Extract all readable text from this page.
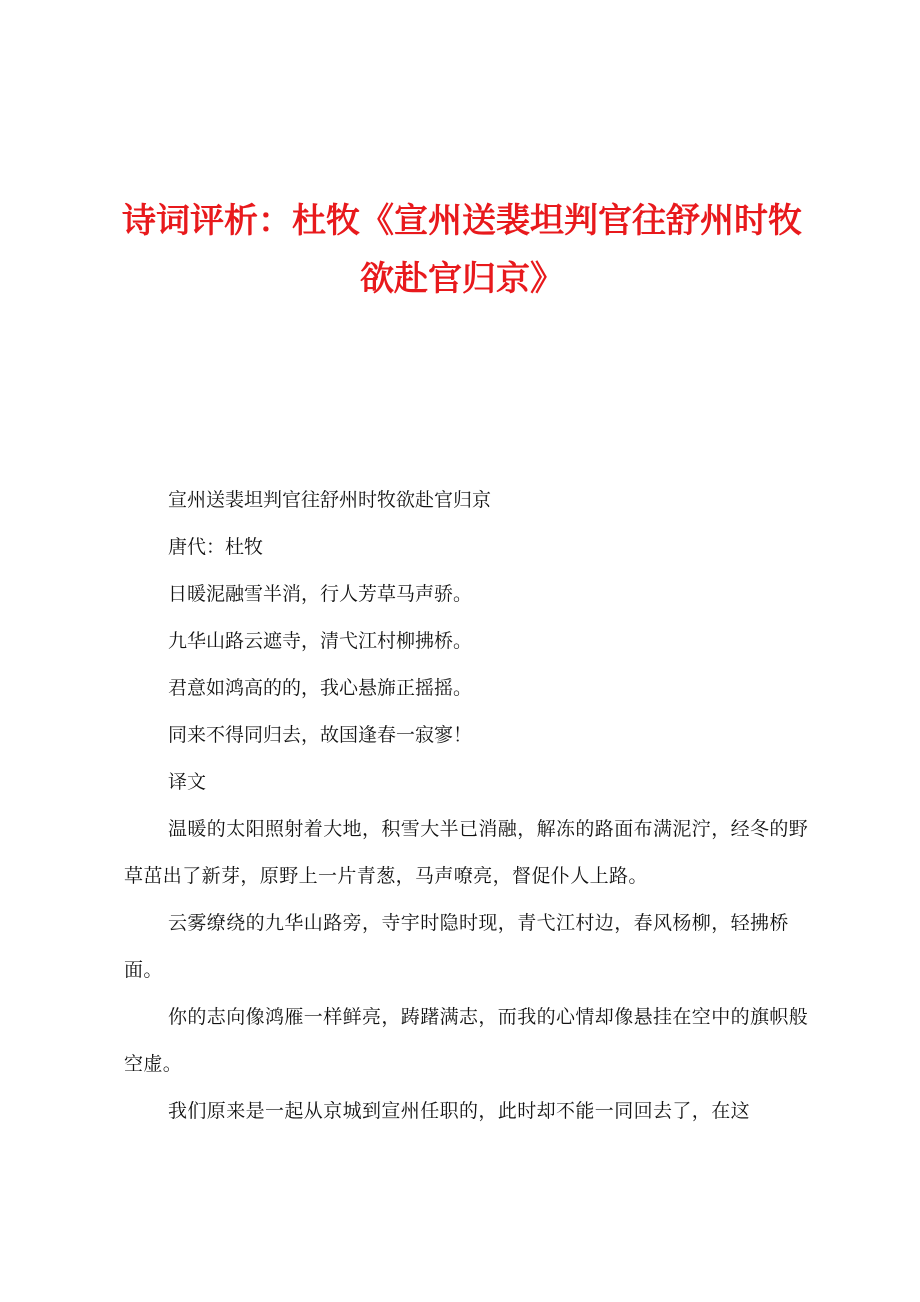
诗词评析：杜牧《宣州送裴坦判官往舒州时牧
欲赴官归京》

宣州送裴坦判官往舒州时牧欲赴官归京

唐代：杜牧

日暖泥融雪半消，行人芳草马声骄。

九华山路云遮寺，清弋江村柳拂桥。

君意如鸿高的的，我心悬旆正摇摇。

同来不得同归去，故国逢春一寂寥！

译文

温暖的太阳照射着大地，积雪大半已消融，解冻的路面布满泥泞，经冬的野草茁出了新芽，原野上一片青葱，马声嘹亮，督促仆人上路。

云雾缭绕的九华山路旁，寺宇时隐时现，青弋江村边，春风杨柳，轻拂桥面。

你的志向像鸿雁一样鲜亮，踌躇满志，而我的心情却像悬挂在空中的旗帜般空虚。

我们原来是一起从京城到宣州任职的，此时却不能一同回去了，在这
